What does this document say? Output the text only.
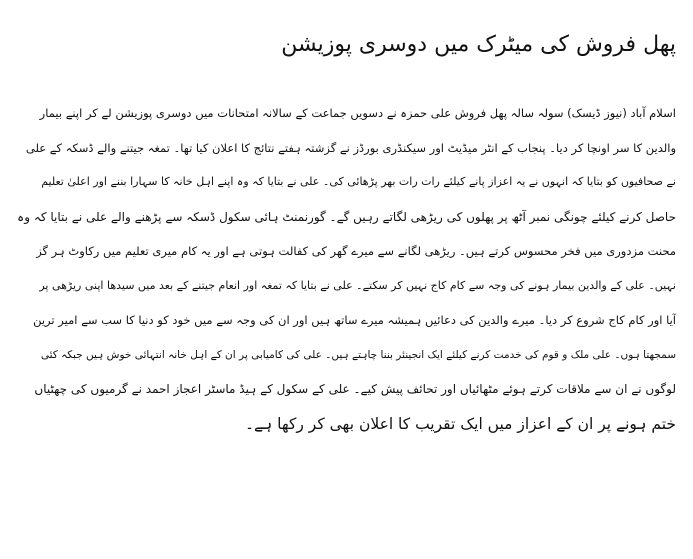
پھل فروش کی میٹرک میں دوسری پوزیشن
اسلام آباد (نیوز ڈیسک) سولہ سالہ پھل فروش علی حمزہ نے دسویں جماعت کے سالانہ امتحانات میں دوسری پوزیشن لے کر اپنے بیمار
والدین کا سر اونچا کر دیا۔ پنجاب کے انٹر میڈیٹ اور سیکنڈری بورڈز نے گزشتہ ہفتے نتائج کا اعلان کیا تھا۔ تمغہ جیتنے والے ڈسکہ کے علی
نے صحافیوں کو بتایا کہ انہوں نے یہ اعزاز پانے کیلئے رات رات بھر پڑھائی کی۔ علی نے بتایا کہ وہ اپنے اہل خانہ کا سہارا بننے اور اعلیٰ تعلیم
حاصل کرنے کیلئے چونگی نمبر آٹھ پر پھلوں کی ریڑھی لگاتے رہیں گے۔ گورنمنٹ ہائی سکول ڈسکہ سے پڑھنے والے علی نے بتایا کہ وہ
محنت مزدوری میں فخر محسوس کرتے ہیں۔ ریڑھی لگانے سے میرے گھر کی کفالت ہوتی ہے اور یہ کام میری تعلیم میں رکاوٹ ہر گز
نہیں۔ علی کے والدین بیمار ہونے کی وجہ سے کام کاج نہیں کر سکتے۔ علی نے بتایا کہ تمغہ اور انعام جیتنے کے بعد میں سیدھا اپنی ریڑھی پر
آیا اور کام کاج شروع کر دیا۔ میرے والدین کی دعائیں ہمیشہ میرے ساتھ ہیں اور ان کی وجہ سے میں خود کو دنیا کا سب سے امیر ترین
سمجھتا ہوں۔ علی ملک و قوم کی خدمت کرنے کیلئے ایک انجینئر بننا چاہتے ہیں۔ علی کی کامیابی پر ان کے اہل خانہ انتہائی خوش ہیں جبکہ کئی
لوگوں نے ان سے ملاقات کرتے ہوئے مٹھائیاں اور تحائف پیش کیے۔ علی کے سکول کے ہیڈ ماسٹر اعجاز احمد نے گرمیوں کی چھٹیاں
ختم ہونے پر ان کے اعزاز میں ایک تقریب کا اعلان بھی کر رکھا ہے۔
